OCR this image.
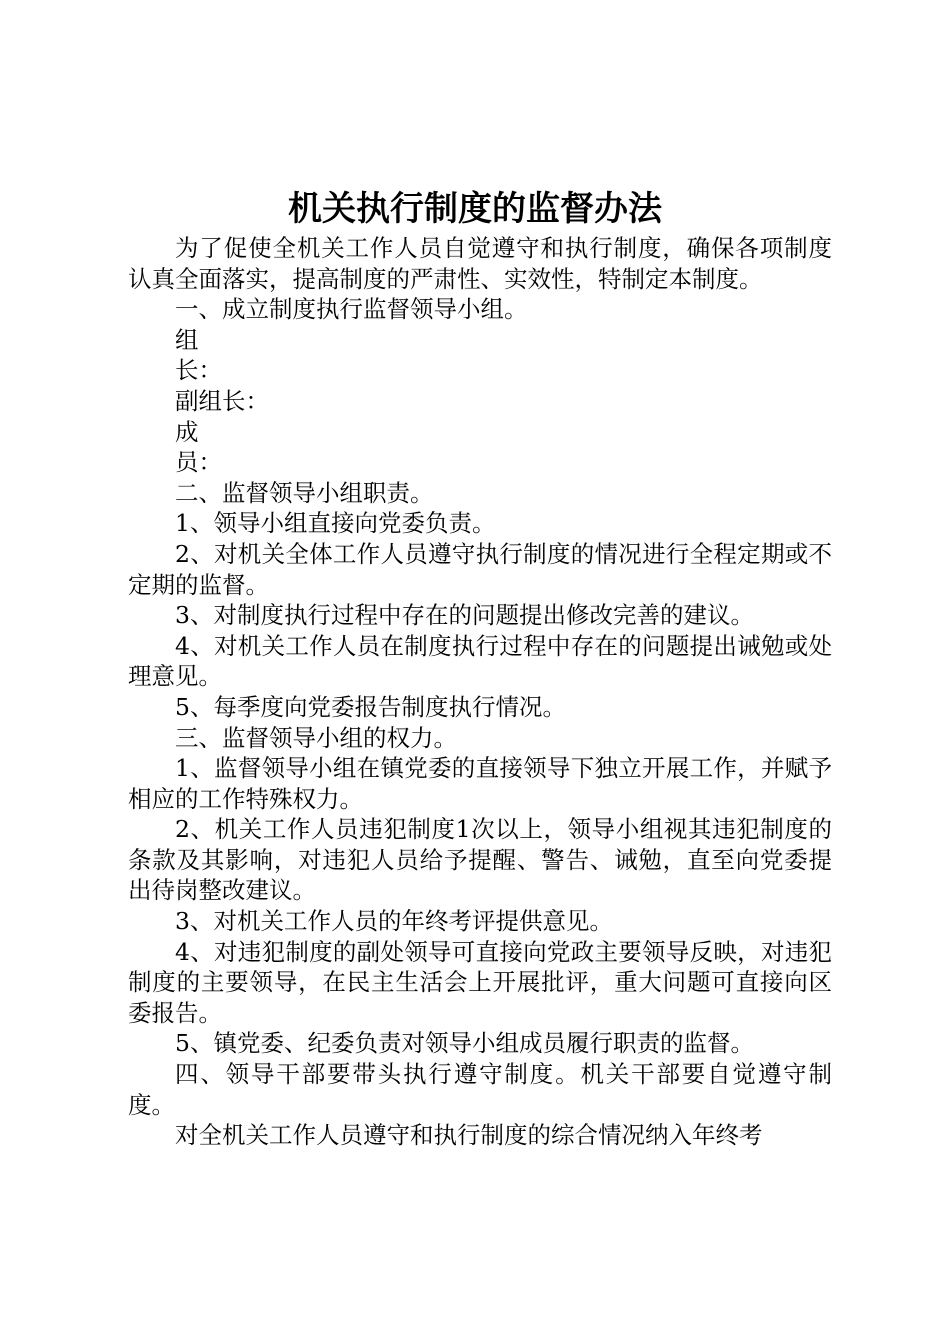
机关执行制度的监督办法

为了促使全机关工作人员自觉遵守和执行制度，确保各项制度认真全面落实，提高制度的严肃性、实效性，特制定本制度。

一、成立制度执行监督领导小组。

组长：

副组长：

成员：

二、监督领导小组职责。

1、领导小组直接向党委负责。

2、对机关全体工作人员遵守执行制度的情况进行全程定期或不定期的监督。

3、对制度执行过程中存在的问题提出修改完善的建议。

4、对机关工作人员在制度执行过程中存在的问题提出诫勉或处理意见。

5、每季度向党委报告制度执行情况。

三、监督领导小组的权力。

1、监督领导小组在镇党委的直接领导下独立开展工作，并赋予相应的工作特殊权力。

2、机关工作人员违犯制度1次以上，领导小组视其违犯制度的条款及其影响，对违犯人员给予提醒、警告、诫勉，直至向党委提出待岗整改建议。

3、对机关工作人员的年终考评提供意见。

4、对违犯制度的副处领导可直接向党政主要领导反映，对违犯制度的主要领导，在民主生活会上开展批评，重大问题可直接向区委报告。

5、镇党委、纪委负责对领导小组成员履行职责的监督。

四、领导干部要带头执行遵守制度。机关干部要自觉遵守制度。

对全机关工作人员遵守和执行制度的综合情况纳入年终考
